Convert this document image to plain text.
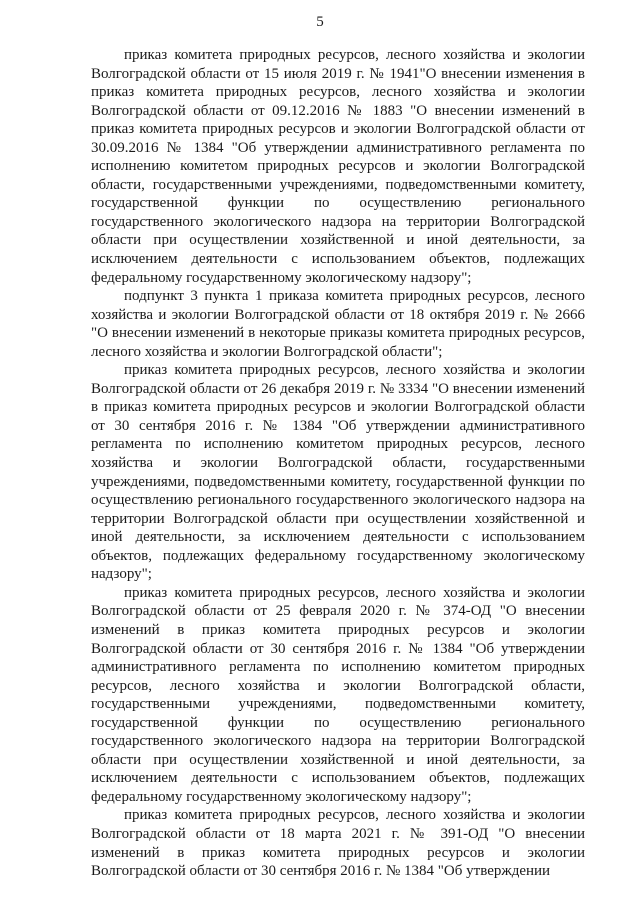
5

приказ комитета природных ресурсов, лесного хозяйства и экологии Волгоградской области от 15 июля 2019 г. № 1941"О внесении изменения в приказ комитета природных ресурсов, лесного хозяйства и экологии Волгоградской области от 09.12.2016 № 1883 "О внесении изменений в приказ комитета природных ресурсов и экологии Волгоградской области от 30.09.2016 № 1384 "Об утверждении административного регламента по исполнению комитетом природных ресурсов и экологии Волгоградской области, государственными учреждениями, подведомственными комитету, государственной функции по осуществлению регионального государственного экологического надзора на территории Волгоградской области при осуществлении хозяйственной и иной деятельности, за исключением деятельности с использованием объектов, подлежащих федеральному государственному экологическому надзору";

подпункт 3 пункта 1 приказа комитета природных ресурсов, лесного хозяйства и экологии Волгоградской области от 18 октября 2019 г. № 2666 "О внесении изменений в некоторые приказы комитета природных ресурсов, лесного хозяйства и экологии Волгоградской области";

приказ комитета природных ресурсов, лесного хозяйства и экологии Волгоградской области от 26 декабря 2019 г. № 3334 "О внесении изменений в приказ комитета природных ресурсов и экологии Волгоградской области от 30 сентября 2016 г. № 1384 "Об утверждении административного регламента по исполнению комитетом природных ресурсов, лесного хозяйства и экологии Волгоградской области, государственными учреждениями, подведомственными комитету, государственной функции по осуществлению регионального государственного экологического надзора на территории Волгоградской области при осуществлении хозяйственной и иной деятельности, за исключением деятельности с использованием объектов, подлежащих федеральному государственному экологическому надзору";

приказ комитета природных ресурсов, лесного хозяйства и экологии Волгоградской области от 25 февраля 2020 г. № 374-ОД "О внесении изменений в приказ комитета природных ресурсов и экологии Волгоградской области от 30 сентября 2016 г. № 1384 "Об утверждении административного регламента по исполнению комитетом природных ресурсов, лесного хозяйства и экологии Волгоградской области, государственными учреждениями, подведомственными комитету, государственной функции по осуществлению регионального государственного экологического надзора на территории Волгоградской области при осуществлении хозяйственной и иной деятельности, за исключением деятельности с использованием объектов, подлежащих федеральному государственному экологическому надзору";

приказ комитета природных ресурсов, лесного хозяйства и экологии Волгоградской области от 18 марта 2021 г. № 391-ОД "О внесении изменений в приказ комитета природных ресурсов и экологии Волгоградской области от 30 сентября 2016 г. № 1384 "Об утверждении
